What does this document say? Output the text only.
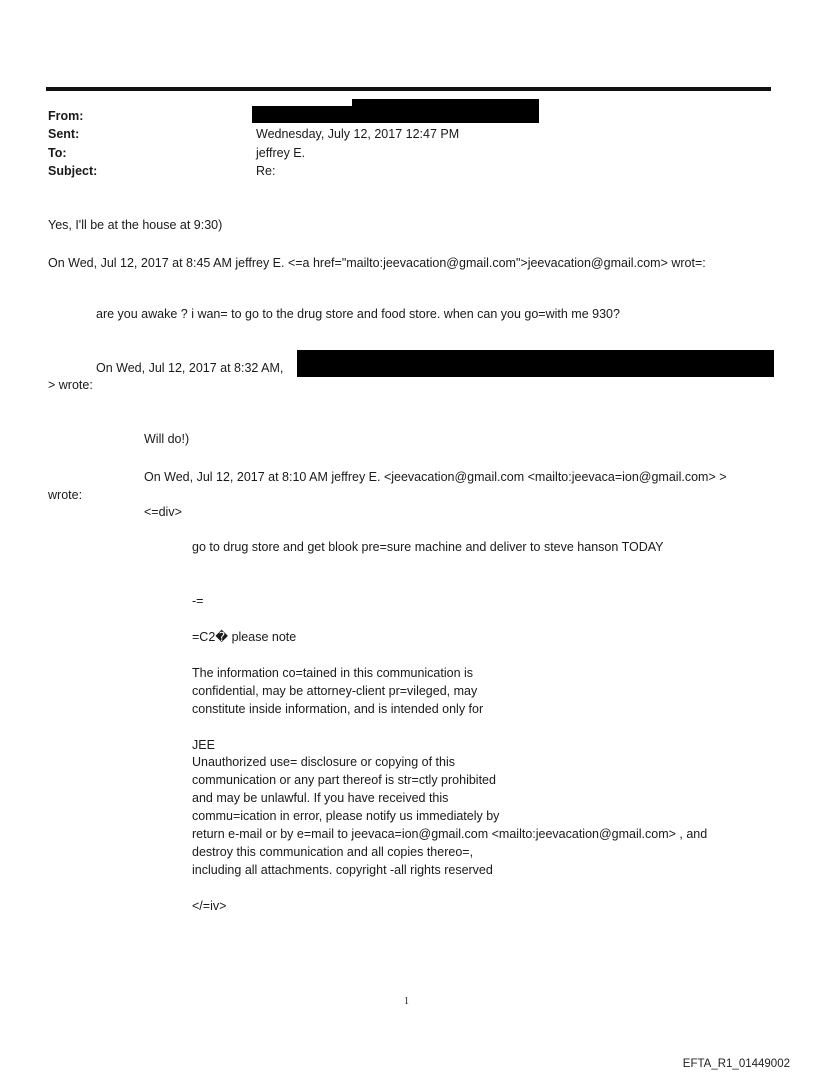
From:
Sent:
To:
Subject:
Wednesday, July 12, 2017 12:47 PM
jeffrey E.
Re:
Yes, I'll be at the house at 9:30)
On Wed, Jul 12, 2017 at 8:45 AM jeffrey E. <=a href="mailto:jeevacation@gmail.com">jeevacation@gmail.com> wrot=:
are you awake ? i wan= to go to the drug store and food store. when can you go=with me 930?
On Wed, Jul 12, 2017 at 8:32 AM,
> wrote:
Will do!)
On Wed, Jul 12, 2017 at 8:10 AM jeffrey E. <jeevacation@gmail.com <mailto:jeevaca=ion@gmail.com> >
wrote:
<=div>
go to drug store and get blook pre=sure machine and deliver to steve hanson TODAY
-=
=C2� please note
The information co=tained in this communication is
confidential, may be attorney-client pr=vileged, may
constitute inside information, and is intended only for
JEE
Unauthorized use= disclosure or copying of this
communication or any part thereof is str=ctly prohibited
and may be unlawful. If you have received this
commu=ication in error, please notify us immediately by
return e-mail or by e=mail to jeevaca=ion@gmail.com <mailto:jeevacation@gmail.com> , and
destroy this communication and all copies thereo=,
including all attachments. copyright -all rights reserved
</=iv>
1
EFTA_R1_01449002
